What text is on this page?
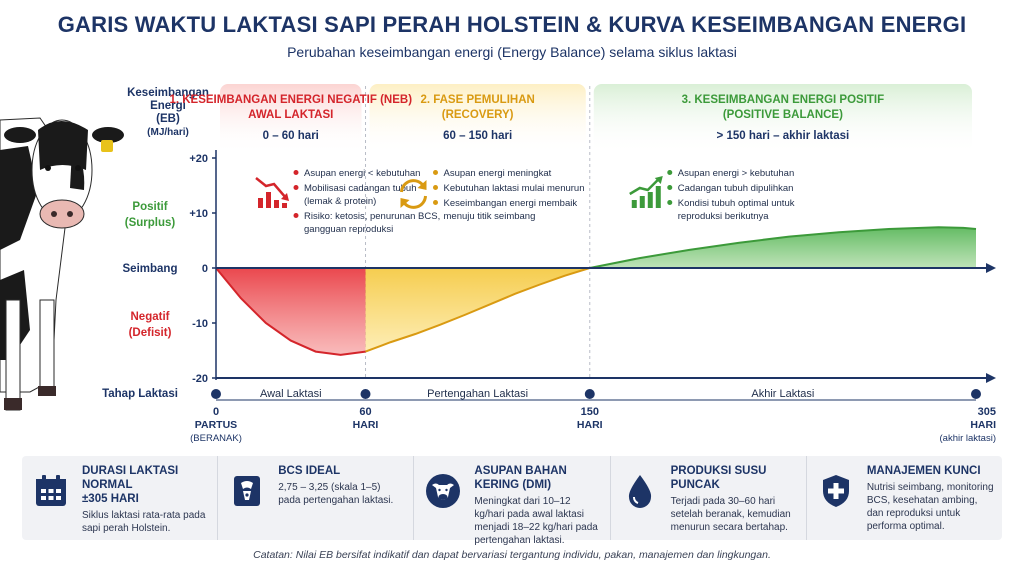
GARIS WAKTU LAKTASI SAPI PERAH HOLSTEIN & KURVA KESEIMBANGAN ENERGI
Perubahan keseimbangan energi (Energy Balance) selama siklus laktasi
+20
+10
0
-10
-20
Keseimbangan
Energi
(EB)
(MJ/hari)
Positif
(Surplus)
Seimbang
Negatif
(Defisit)
1. KESEIMBANGAN ENERGI NEGATIF (NEB)
AWAL LAKTASI
0 – 60 hari
Asupan energi < kebutuhan
Mobilisasi cadangan tubuh
(lemak & protein)
Risiko: ketosis, penurunan BCS,
gangguan reproduksi
2. FASE PEMULIHAN
(RECOVERY)
60 – 150 hari
Asupan energi meningkat
Kebutuhan laktasi mulai menurun
Keseimbangan energi membaik
menuju titik seimbang
3. KESEIMBANGAN ENERGI POSITIF
(POSITIVE BALANCE)
> 150 hari – akhir laktasi
Asupan energi > kebutuhan
Cadangan tubuh dipulihkan
Kondisi tubuh optimal untuk
reproduksi berikutnya
Tahap Laktasi	Awal Laktasi	Pertengahan Laktasi	Akhir Laktasi
0
PARTUS
(BERANAK)
60
HARI
150
HARI
305
HARI
(akhir laktasi)
DURASI LAKTASI NORMAL
±305 HARI
Siklus laktasi rata-rata pada sapi perah Holstein.
BCS IDEAL
2,75 – 3,25 (skala 1–5) pada pertengahan laktasi.
ASUPAN BAHAN KERING (DMI)
Meningkat dari 10–12 kg/hari pada awal laktasi menjadi 18–22 kg/hari pada pertengahan laktasi.
PRODUKSI SUSU PUNCAK
Terjadi pada 30–60 hari setelah beranak, kemudian menurun secara bertahap.
MANAJEMEN KUNCI
Nutrisi seimbang, monitoring BCS, kesehatan ambing, dan reproduksi untuk performa optimal.
Catatan: Nilai EB bersifat indikatif dan dapat bervariasi tergantung individu, pakan, manajemen dan lingkungan.
